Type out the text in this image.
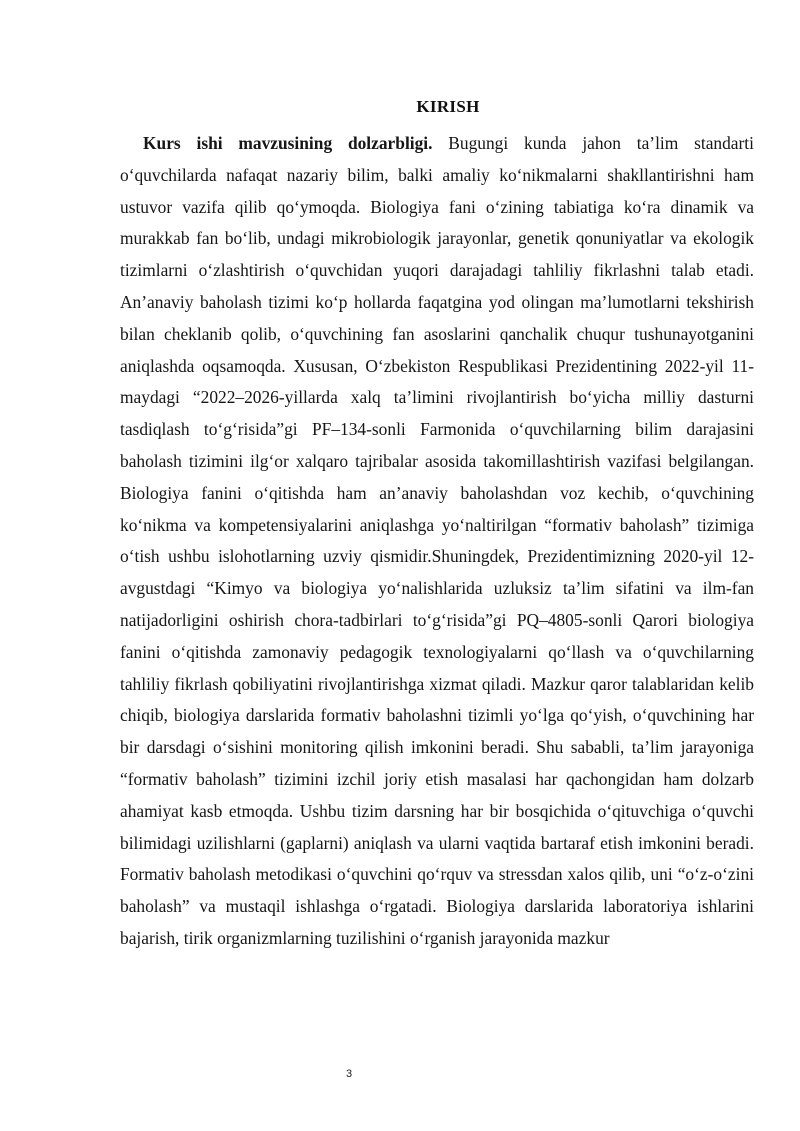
KIRISH

Kurs ishi mavzusining dolzarbligi. Bugungi kunda jahon ta’lim standarti o‘quvchilarda nafaqat nazariy bilim, balki amaliy ko‘nikmalarni shakllantirishni ham ustuvor vazifa qilib qo‘ymoqda. Biologiya fani o‘zining tabiatiga ko‘ra dinamik va murakkab fan bo‘lib, undagi mikrobiologik jarayonlar, genetik qonuniyatlar va ekologik tizimlarni o‘zlashtirish o‘quvchidan yuqori darajadagi tahliliy fikrlashni talab etadi. An’anaviy baholash tizimi ko‘p hollarda faqatgina yod olingan ma’lumotlarni tekshirish bilan cheklanib qolib, o‘quvchining fan asoslarini qanchalik chuqur tushunayotganini aniqlashda oqsamoqda. Xususan, O‘zbekiston Respublikasi Prezidentining 2022-yil 11-maydagi “2022–2026-yillarda xalq ta’limini rivojlantirish bo‘yicha milliy dasturni tasdiqlash to‘g‘risida”gi PF–134-sonli Farmonida o‘quvchilarning bilim darajasini baholash tizimini ilg‘or xalqaro tajribalar asosida takomillashtirish vazifasi belgilangan. Biologiya fanini o‘qitishda ham an’anaviy baholashdan voz kechib, o‘quvchining ko‘nikma va kompetensiyalarini aniqlashga yo‘naltirilgan “formativ baholash” tizimiga o‘tish ushbu islohotlarning uzviy qismidir.Shuningdek, Prezidentimizning 2020-yil 12-avgustdagi “Kimyo va biologiya yo‘nalishlarida uzluksiz ta’lim sifatini va ilm-fan natijadorligini oshirish chora-tadbirlari to‘g‘risida”gi PQ–4805-sonli Qarori biologiya fanini o‘qitishda zamonaviy pedagogik texnologiyalarni qo‘llash va o‘quvchilarning tahliliy fikrlash qobiliyatini rivojlantirishga xizmat qiladi. Mazkur qaror talablaridan kelib chiqib, biologiya darslarida formativ baholashni tizimli yo‘lga qo‘yish, o‘quvchining har bir darsdagi o‘sishini monitoring qilish imkonini beradi. Shu sababli, ta’lim jarayoniga “formativ baholash” tizimini izchil joriy etish masalasi har qachongidan ham dolzarb ahamiyat kasb etmoqda. Ushbu tizim darsning har bir bosqichida o‘qituvchiga o‘quvchi bilimidagi uzilishlarni (gaplarni) aniqlash va ularni vaqtida bartaraf etish imkonini beradi. Formativ baholash metodikasi o‘quvchini qo‘rquv va stressdan xalos qilib, uni “o‘z-o‘zini baholash” va mustaqil ishlashga o‘rgatadi. Biologiya darslarida laboratoriya ishlarini bajarish, tirik organizmlarning tuzilishini o‘rganish jarayonida mazkur

3
